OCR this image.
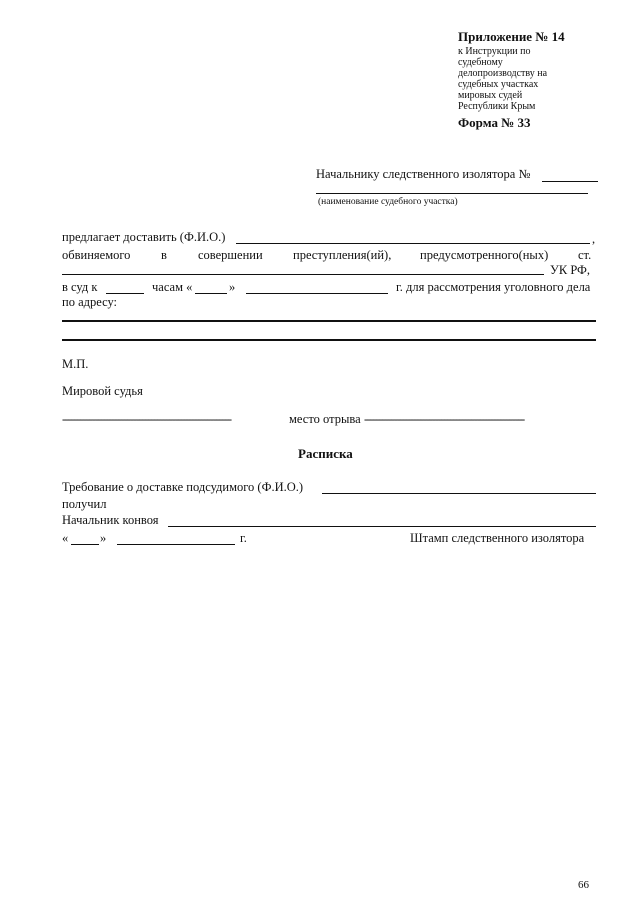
Приложение № 14
к Инструкции по
судебному
делопроизводству на
судебных участках
мировых судей
Республики Крым
Форма № 33
Начальнику следственного изолятора №
(наименование судебного участка)
предлагает доставить (Ф.И.О.)	,
обвиняемого в совершении преступления(ий), предусмотренного(ных) ст.
УК РФ,
в суд к	часам «	»	г. для рассмотрения уголовного дела
по адресу:
М.П.
Мировой судья
---------------------------------------------------------	место отрыва ------------------------------------------------------
Расписка
Требование о доставке подсудимого (Ф.И.О.)
получил
Начальник конвоя
«	»	г.	Штамп следственного изолятора
66
